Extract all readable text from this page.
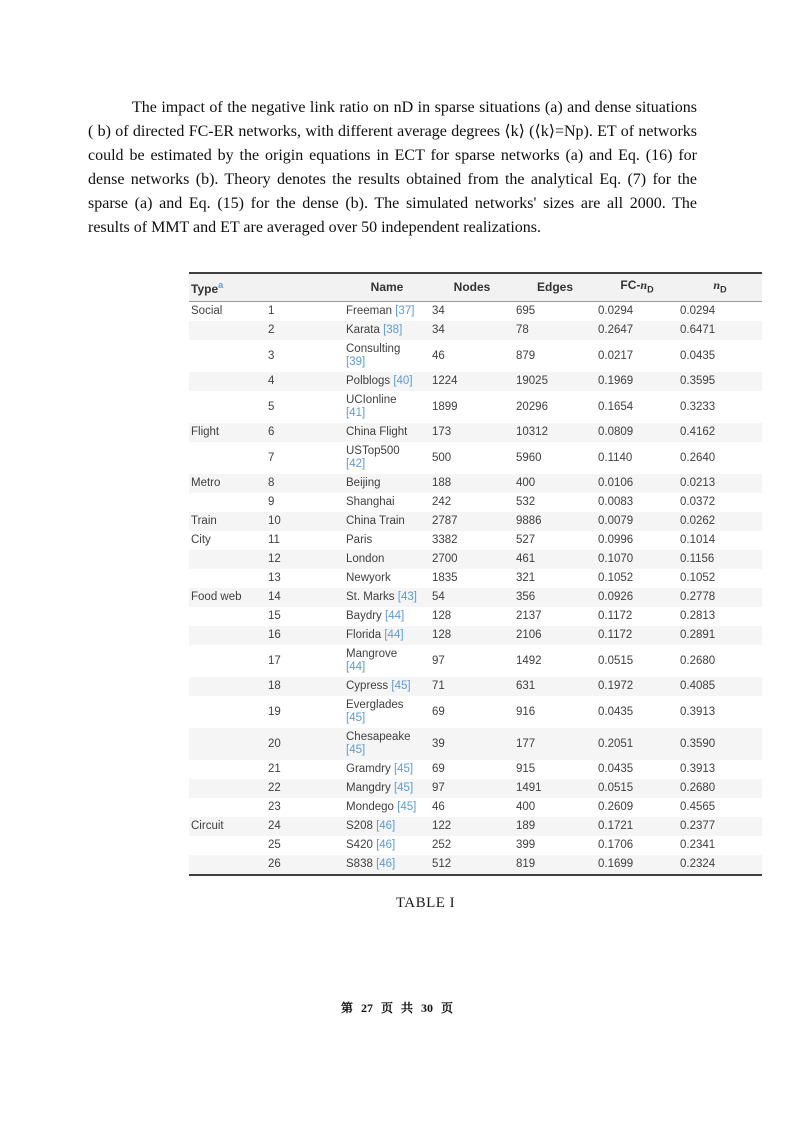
The impact of the negative link ratio on nD in sparse situations (a) and dense situations ( b) of directed FC-ER networks, with different average degrees ⟨k⟩ (⟨k⟩=Np). ET of networks could be estimated by the origin equations in ECT for sparse networks (a) and Eq. (16) for dense networks (b). Theory denotes the results obtained from the analytical Eq. (7) for the sparse (a) and Eq. (15) for the dense (b). The simulated networks' sizes are all 2000. The results of MMT and ET are averaged over 50 independent realizations.

Type$^a$		Name	Nodes	Edges	$FC-n_D$	$n_D$
Social	1	Freeman [37]	34	695	0.0294	0.0294
	2	Karata [38]	34	78	0.2647	0.6471
	3	Consulting
[39]	46	879	0.0217	0.0435
	4	Polblogs [40]	1224	19025	0.1969	0.3595
	5	UCIonline
[41]	1899	20296	0.1654	0.3233
Flight	6	China Flight	173	10312	0.0809	0.4162
	7	USTop500
[42]	500	5960	0.1140	0.2640
Metro	8	Beijing	188	400	0.0106	0.0213
	9	Shanghai	242	532	0.0083	0.0372
Train	10	China Train	2787	9886	0.0079	0.0262
City	11	Paris	3382	527	0.0996	0.1014
	12	London	2700	461	0.1070	0.1156
	13	Newyork	1835	321	0.1052	0.1052
Food web	14	St. Marks [43]	54	356	0.0926	0.2778
	15	Baydry [44]	128	2137	0.1172	0.2813
	16	Florida [44]	128	2106	0.1172	0.2891
	17	Mangrove
[44]	97	1492	0.0515	0.2680
	18	Cypress [45]	71	631	0.1972	0.4085
	19	Everglades
[45]	69	916	0.0435	0.3913
	20	Chesapeake
[45]	39	177	0.2051	0.3590
	21	Gramdry [45]	69	915	0.0435	0.3913
	22	Mangdry [45]	97	1491	0.0515	0.2680
	23	Mondego [45]	46	400	0.2609	0.4565
Circuit	24	S208 [46]	122	189	0.1721	0.2377
	25	S420 [46]	252	399	0.1706	0.2341
	26	S838 [46]	512	819	0.1699	0.2324
TABLE I
第 27 页 共 30 页
